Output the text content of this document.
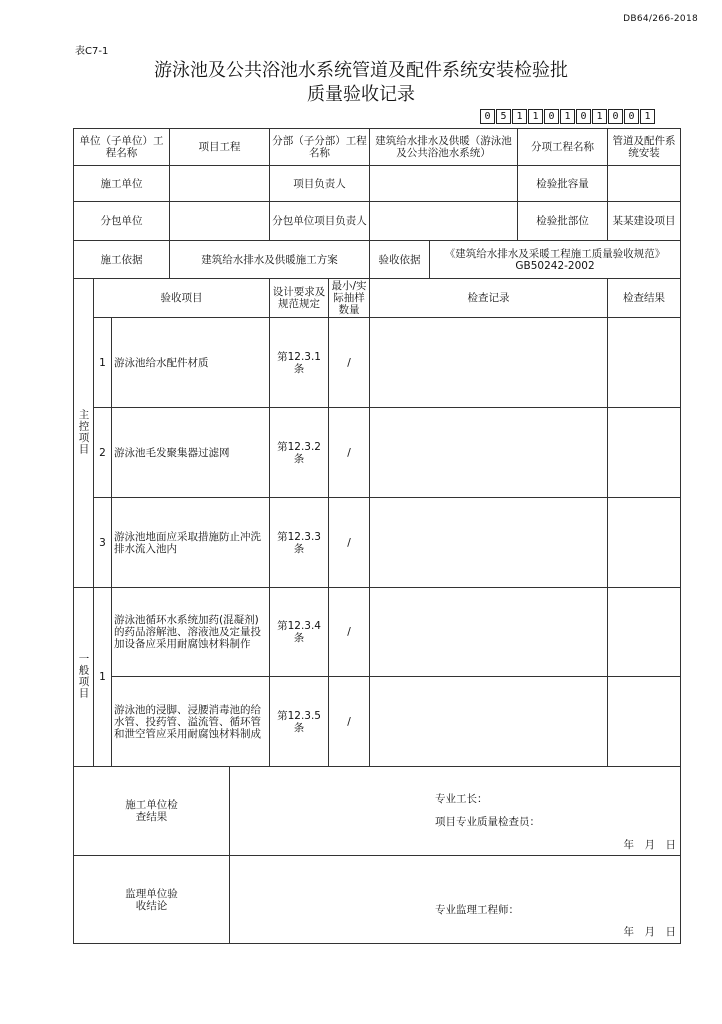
DB64/266-2018
表C7-1
游泳池及公共浴池水系统管道及配件系统安装检验批
质量验收记录
0 5 1 1 0 1 0 1 0 0 1
单位（子单位）工程名称			项目工程		分部（子分部）工程名称		建筑给水排水及供暖（游泳池及公共浴池水系统）		分项工程名称	管道及配件系统安装
施工单位					项目负责人				检验批容量	
分包单位					分包单位项目负责人				检验批部位	某某建设项目
施工依据			建筑给水排水及供暖施工方案				验收依据	《建筑给水排水及采暖工程施工质量验收规范》GB50242-2002		
主控项目	验收项目				设计要求及规范规定	最小/实际抽样数量	检查记录			检查结果
	1	游泳池给水配件材质			第12.3.1条	/				
	2	游泳池毛发聚集器过滤网			第12.3.2条	/				
	3	游泳池地面应采取措施防止冲洗排水流入池内			第12.3.3条	/				
一般项目	1	游泳池循环水系统加药(混凝剂)的药品溶解池、溶液池及定量投加设备应采用耐腐蚀材料制作			第12.3.4条	/				
		游泳池的浸脚、浸腰消毒池的给水管、投药管、溢流管、循环管和泄空管应采用耐腐蚀材料制成			第12.3.5条	/				
施工单位检查结果				专业工长：
项目专业质量检查员：
年　月　日						

监理单位验收结论				专业监理工程师：
年　月　日						
